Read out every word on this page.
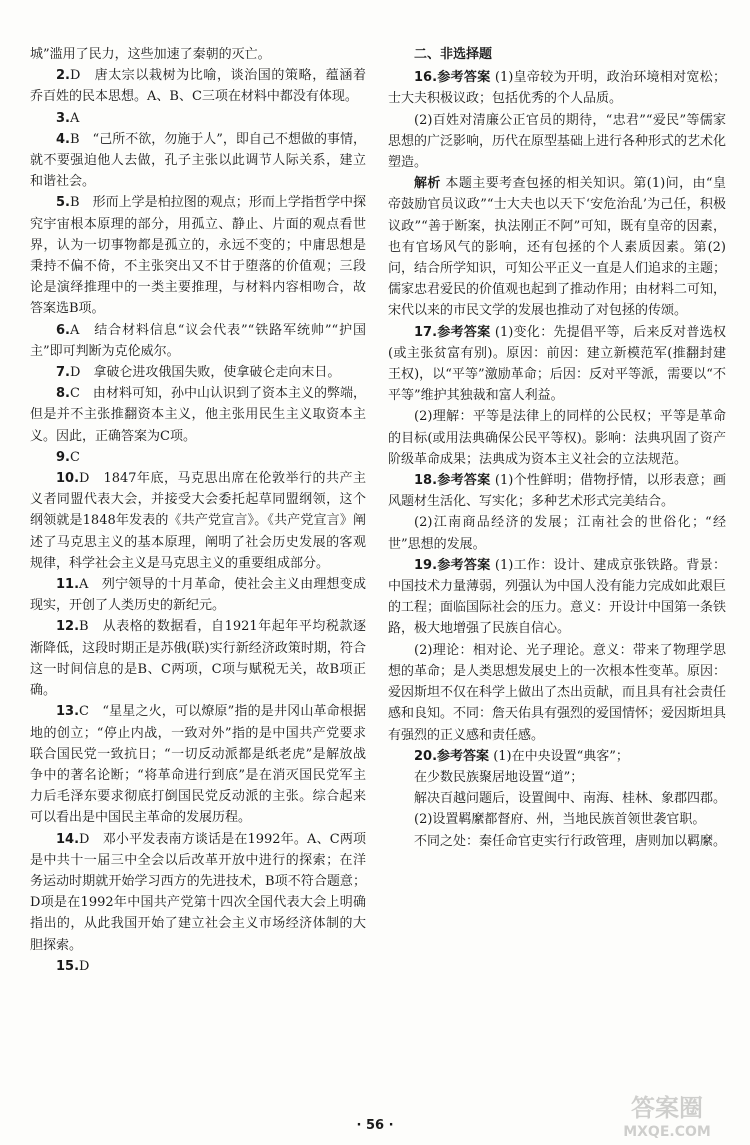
城”滥用了民力，这些加速了秦朝的灭亡。

2.D　唐太宗以栽树为比喻，谈治国的策略，蕴涵着乔百姓的民本思想。A、B、C三项在材料中都没有体现。

3.A

4.B　“己所不欲，勿施于人”，即自己不想做的事情，就不要强迫他人去做，孔子主张以此调节人际关系，建立和谐社会。

5.B　形而上学是柏拉图的观点；形而上学指哲学中探究宇宙根本原理的部分，用孤立、静止、片面的观点看世界，认为一切事物都是孤立的，永远不变的；中庸思想是秉持不偏不倚，不主张突出又不甘于堕落的价值观；三段论是演绎推理中的一类主要推理，与材料内容相吻合，故答案选B项。

6.A　结合材料信息“议会代表”“铁路军统帅”“护国主”即可判断为克伦威尔。

7.D　拿破仑进攻俄国失败，使拿破仑走向末日。

8.C　由材料可知，孙中山认识到了资本主义的弊端，但是并不主张推翻资本主义，他主张用民生主义取资本主义。因此，正确答案为C项。

9.C

10.D　1847年底，马克思出席在伦敦举行的共产主义者同盟代表大会，并接受大会委托起草同盟纲领，这个纲领就是1848年发表的《共产党宣言》。《共产党宣言》阐述了马克思主义的基本原理，阐明了社会历史发展的客观规律，科学社会主义是马克思主义的重要组成部分。

11.A　列宁领导的十月革命，使社会主义由理想变成现实，开创了人类历史的新纪元。

12.B　从表格的数据看，自1921年起年平均税款逐渐降低，这段时期正是苏俄(联)实行新经济政策时期，符合这一时间信息的是B、C两项，C项与赋税无关，故B项正确。

13.C　“星星之火，可以燎原”指的是井冈山革命根据地的创立；“停止内战，一致对外”指的是中国共产党要求联合国民党一致抗日；“一切反动派都是纸老虎”是解放战争中的著名论断；“将革命进行到底”是在消灭国民党军主力后毛泽东要求彻底打倒国民党反动派的主张。综合起来可以看出是中国民主革命的发展历程。

14.D　邓小平发表南方谈话是在1992年。A、C两项是中共十一届三中全会以后改革开放中进行的探索；在洋务运动时期就开始学习西方的先进技术，B项不符合题意；D项是在1992年中国共产党第十四次全国代表大会上明确指出的，从此我国开始了建立社会主义市场经济体制的大胆探索。

15.D

二、非选择题

16.参考答案 (1)皇帝较为开明，政治环境相对宽松；士大夫积极议政；包括优秀的个人品质。

(2)百姓对清廉公正官员的期待，“忠君”“爱民”等儒家思想的广泛影响，历代在原型基础上进行各种形式的艺术化塑造。

解析 本题主要考查包拯的相关知识。第(1)问，由“皇帝鼓励官员议政”“士大夫也以天下‘安危治乱’为己任，积极议政”“善于断案，执法刚正不阿”可知，既有皇帝的因素，也有官场风气的影响，还有包拯的个人素质因素。第(2)问，结合所学知识，可知公平正义一直是人们追求的主题；儒家忠君爱民的价值观也起到了推动作用；由材料二可知，宋代以来的市民文学的发展也推动了对包拯的传颂。

17.参考答案 (1)变化：先提倡平等，后来反对普选权(或主张贫富有别)。原因：前因：建立新模范军(推翻封建王权)，以“平等”激励革命；后因：反对平等派，需要以“不平等”维护其独裁和富人利益。

(2)理解：平等是法律上的同样的公民权；平等是革命的目标(或用法典确保公民平等权)。影响：法典巩固了资产阶级革命成果；法典成为资本主义社会的立法规范。

18.参考答案 (1)个性鲜明；借物抒情，以形表意；画风题材生活化、写实化；多种艺术形式完美结合。

(2)江南商品经济的发展；江南社会的世俗化；“经世”思想的发展。

19.参考答案 (1)工作：设计、建成京张铁路。背景：中国技术力量薄弱，列强认为中国人没有能力完成如此艰巨的工程；面临国际社会的压力。意义：开设计中国第一条铁路，极大地增强了民族自信心。

(2)理论：相对论、光子理论。意义：带来了物理学思想的革命；是人类思想发展史上的一次根本性变革。原因：爱因斯坦不仅在科学上做出了杰出贡献，而且具有社会责任感和良知。不同：詹天佑具有强烈的爱国情怀；爱因斯坦具有强烈的正义感和责任感。

20.参考答案 (1)在中央设置“典客”；

在少数民族聚居地设置“道”；

解决百越问题后，设置闽中、南海、桂林、象郡四郡。

(2)设置羁縻都督府、州，当地民族首领世袭官职。

不同之处：秦任命官吏实行行政管理，唐则加以羁縻。

· 56 ·
答案圈
MXQE.COM
